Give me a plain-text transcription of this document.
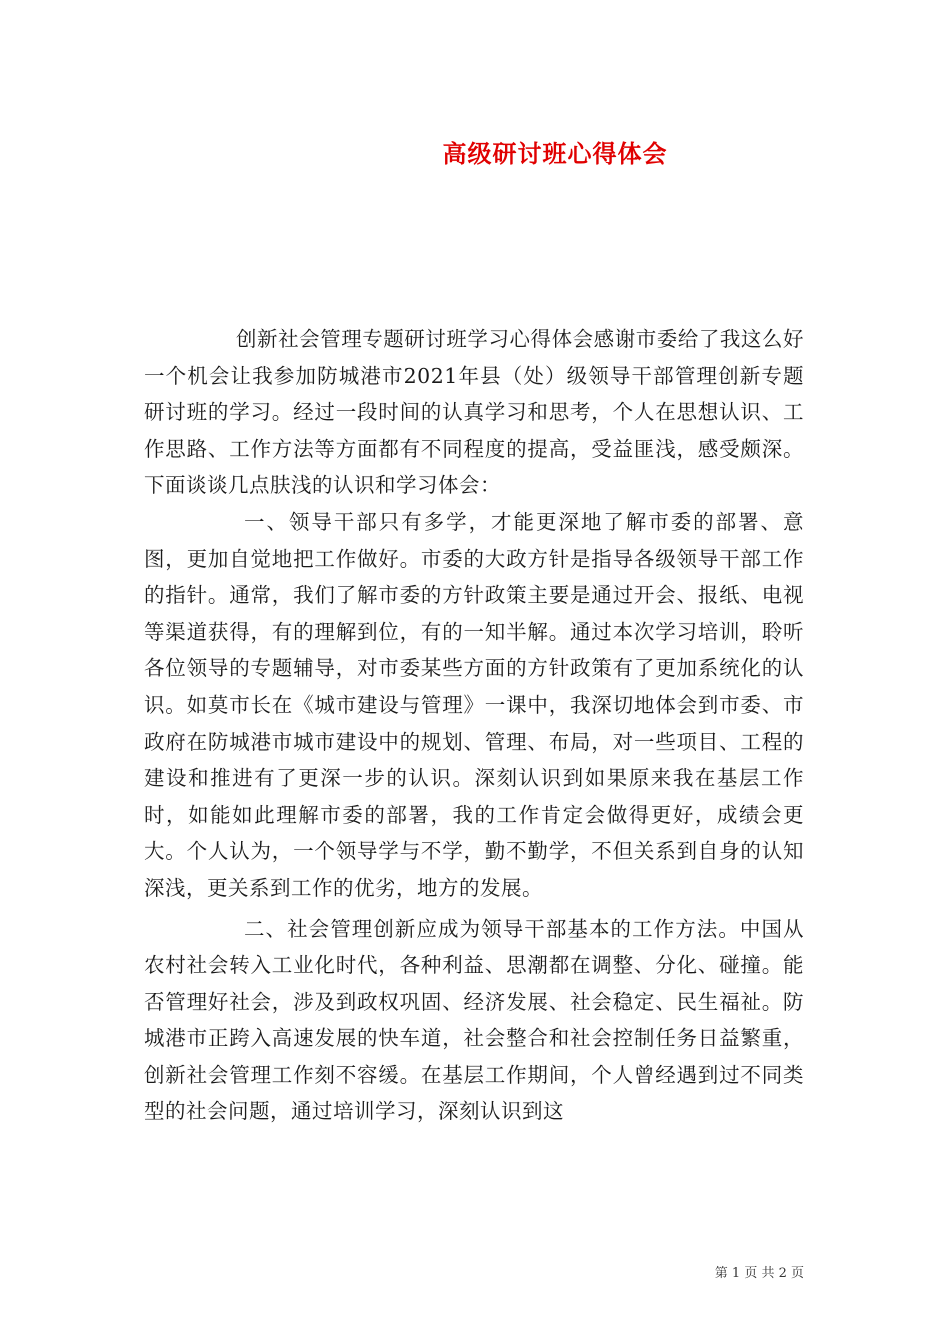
高级研讨班心得体会

创新社会管理专题研讨班学习心得体会感谢市委给了我这么好一个机会让我参加防城港市2021年县（处）级领导干部管理创新专题研讨班的学习。经过一段时间的认真学习和思考，个人在思想认识、工作思路、工作方法等方面都有不同程度的提高，受益匪浅，感受颇深。下面谈谈几点肤浅的认识和学习体会：

一、领导干部只有多学，才能更深地了解市委的部署、意图，更加自觉地把工作做好。市委的大政方针是指导各级领导干部工作的指针。通常，我们了解市委的方针政策主要是通过开会、报纸、电视等渠道获得，有的理解到位，有的一知半解。通过本次学习培训，聆听各位领导的专题辅导，对市委某些方面的方针政策有了更加系统化的认识。如莫市长在《城市建设与管理》一课中，我深切地体会到市委、市政府在防城港市城市建设中的规划、管理、布局，对一些项目、工程的建设和推进有了更深一步的认识。深刻认识到如果原来我在基层工作时，如能如此理解市委的部署，我的工作肯定会做得更好，成绩会更大。个人认为，一个领导学与不学，勤不勤学，不但关系到自身的认知深浅，更关系到工作的优劣，地方的发展。

二、社会管理创新应成为领导干部基本的工作方法。中国从农村社会转入工业化时代，各种利益、思潮都在调整、分化、碰撞。能否管理好社会，涉及到政权巩固、经济发展、社会稳定、民生福祉。防城港市正跨入高速发展的快车道，社会整合和社会控制任务日益繁重，创新社会管理工作刻不容缓。在基层工作期间，个人曾经遇到过不同类型的社会问题，通过培训学习，深刻认识到这

第 1 页 共 2 页
